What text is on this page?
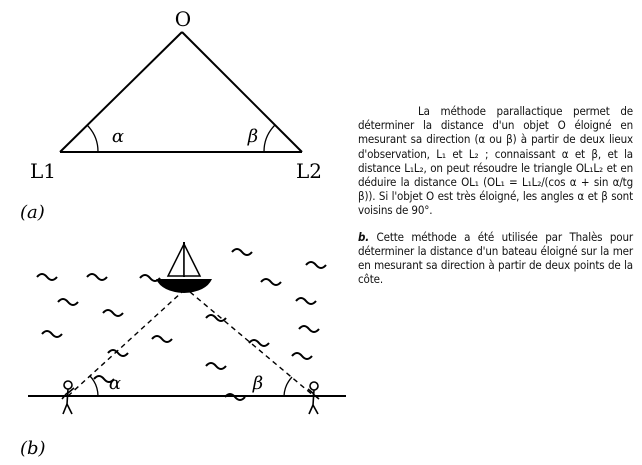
O
α	β
L1	L2
(a)
α	β
(b)

La méthode parallactique permet de déterminer la distance d'un objet O éloigné en mesurant sa direction (α ou β) à partir de deux lieux d'observation, L₁ et L₂ ; connaissant α et β, et la distance L₁L₂, on peut résoudre le triangle OL₁L₂ et en déduire la distance OL₁ (OL₁ = L₁L₂/(cos α + sin α/tg β)). Si l'objet O est très éloigné, les angles α et β sont voisins de 90°.

b. Cette méthode a été utilisée par Thalès pour déterminer la distance d'un bateau éloigné sur la mer en mesurant sa direction à partir de deux points de la côte.
